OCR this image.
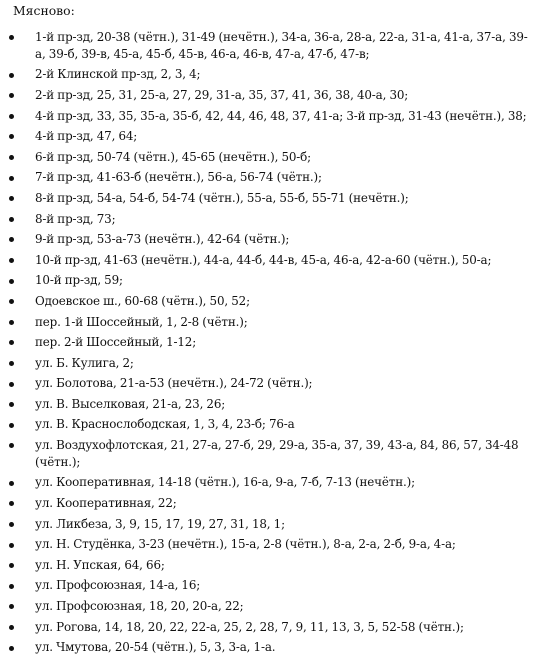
Мясново:
1-й пр-зд, 20-38 (чётн.), 31-49 (нечётн.), 34-а, 36-а, 28-а, 22-а, 31-а, 41-а, 37-а, 39-а, 39-б, 39-в, 45-а, 45-б, 45-в, 46-а, 46-в, 47-а, 47-б, 47-в;
2-й Клинской пр-зд, 2, 3, 4;
2-й пр-зд, 25, 31, 25-а, 27, 29, 31-а, 35, 37, 41, 36, 38, 40-а, 30;
4-й пр-зд, 33, 35, 35-а, 35-б, 42, 44, 46, 48, 37, 41-а; 3-й пр-зд, 31-43 (нечётн.), 38;
4-й пр-зд, 47, 64;
6-й пр-зд, 50-74 (чётн.), 45-65 (нечётн.), 50-б;
7-й пр-зд, 41-63-б (нечётн.), 56-а, 56-74 (чётн.);
8-й пр-зд, 54-а, 54-б, 54-74 (чётн.), 55-а, 55-б, 55-71 (нечётн.);
8-й пр-зд, 73;
9-й пр-зд, 53-а-73 (нечётн.), 42-64 (чётн.);
10-й пр-зд, 41-63 (нечётн.), 44-а, 44-б, 44-в, 45-а, 46-а, 42-а-60 (чётн.), 50-а;
10-й пр-зд, 59;
Одоевское ш., 60-68 (чётн.), 50, 52;
пер. 1-й Шоссейный, 1, 2-8 (чётн.);
пер. 2-й Шоссейный, 1-12;
ул. Б. Кулига, 2;
ул. Болотова, 21-а-53 (нечётн.), 24-72 (чётн.);
ул. В. Выселковая, 21-а, 23, 26;
ул. В. Краснослободская, 1, 3, 4, 23-б; 76-а
ул. Воздухофлотская, 21, 27-а, 27-б, 29, 29-а, 35-а, 37, 39, 43-а, 84, 86, 57, 34-48 (чётн.);
ул. Кооперативная, 14-18 (чётн.), 16-а, 9-а, 7-б, 7-13 (нечётн.);
ул. Кооперативная, 22;
ул. Ликбеза, 3, 9, 15, 17, 19, 27, 31, 18, 1;
ул. Н. Студёнка, 3-23 (нечётн.), 15-а, 2-8 (чётн.), 8-а, 2-а, 2-б, 9-а, 4-а;
ул. Н. Упская, 64, 66;
ул. Профсоюзная, 14-а, 16;
ул. Профсоюзная, 18, 20, 20-а, 22;
ул. Рогова, 14, 18, 20, 22, 22-а, 25, 2, 28, 7, 9, 11, 13, 3, 5, 52-58 (чётн.);
ул. Чмутова, 20-54 (чётн.), 5, 3, 3-а, 1-а.
